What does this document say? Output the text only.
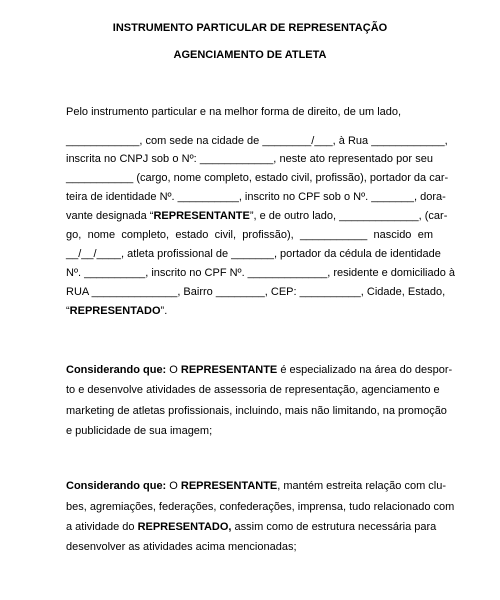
INSTRUMENTO PARTICULAR DE REPRESENTAÇÃO
AGENCIAMENTO DE ATLETA
Pelo instrumento particular e na melhor forma de direito, de um lado,
____________, com sede na cidade de ________/___, à Rua ____________,
inscrita no CNPJ sob o Nº: ____________, neste ato representado por seu
___________ (cargo, nome completo, estado civil, profissão), portador da car-
teira de identidade Nº. __________, inscrito no CPF sob o Nº. _______, dora-
vante designada “REPRESENTANTE”, e de outro lado, _____________, (car-
go, nome completo, estado civil, profissão), ___________ nascido em
__/__/____, atleta profissional de _______, portador da cédula de identidade
Nº. __________, inscrito no CPF Nº. _____________, residente e domiciliado à
RUA ______________, Bairro ________, CEP: __________, Cidade, Estado,
“REPRESENTADO”.
Considerando que: O REPRESENTANTE é especializado na área do despor-
to e desenvolve atividades de assessoria de representação, agenciamento e
marketing de atletas profissionais, incluindo, mais não limitando, na promoção
e publicidade de sua imagem;
Considerando que: O REPRESENTANTE, mantém estreita relação com clu-
bes, agremiações, federações, confederações, imprensa, tudo relacionado com
a atividade do REPRESENTADO, assim como de estrutura necessária para
desenvolver as atividades acima mencionadas;
